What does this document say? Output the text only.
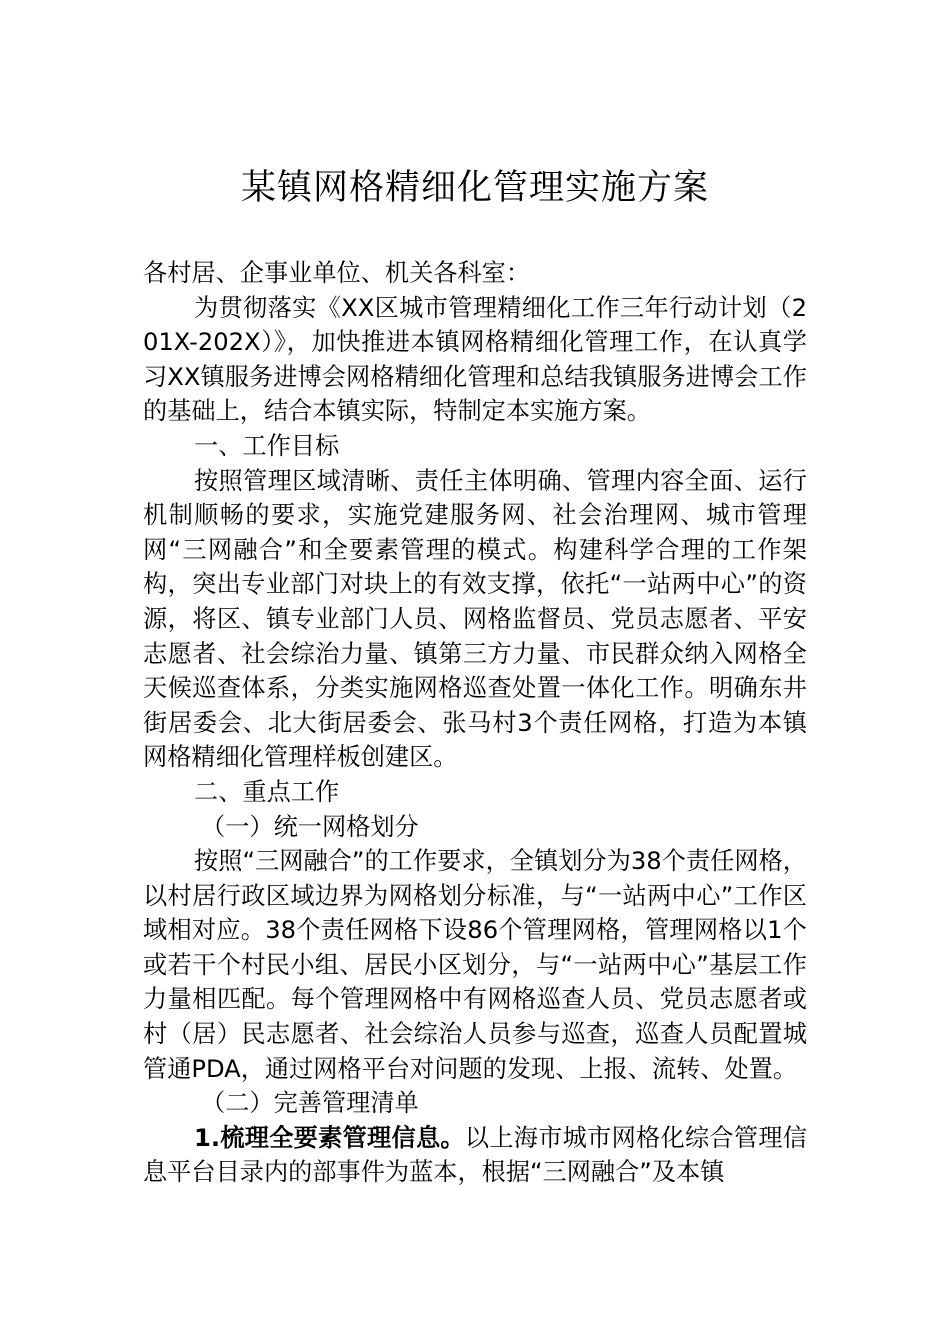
某镇网格精细化管理实施方案

各村居、企事业单位、机关各科室：

为贯彻落实《XX区城市管理精细化工作三年行动计划（201X-202X）》，加快推进本镇网格精细化管理工作，在认真学习XX镇服务进博会网格精细化管理和总结我镇服务进博会工作的基础上，结合本镇实际，特制定本实施方案。

一、工作目标

按照管理区域清晰、责任主体明确、管理内容全面、运行机制顺畅的要求，实施党建服务网、社会治理网、城市管理网“三网融合”和全要素管理的模式。构建科学合理的工作架构，突出专业部门对块上的有效支撑，依托“一站两中心”的资源，将区、镇专业部门人员、网格监督员、党员志愿者、平安志愿者、社会综治力量、镇第三方力量、市民群众纳入网格全天候巡查体系，分类实施网格巡查处置一体化工作。明确东井街居委会、北大街居委会、张马村3个责任网格，打造为本镇网格精细化管理样板创建区。

二、重点工作

（一）统一网格划分

按照“三网融合”的工作要求，全镇划分为38个责任网格，以村居行政区域边界为网格划分标准，与“一站两中心”工作区域相对应。38个责任网格下设86个管理网格，管理网格以1个或若干个村民小组、居民小区划分，与“一站两中心”基层工作力量相匹配。每个管理网格中有网格巡查人员、党员志愿者或村（居）民志愿者、社会综治人员参与巡查，巡查人员配置城管通PDA，通过网格平台对问题的发现、上报、流转、处置。

（二）完善管理清单

1.梳理全要素管理信息。以上海市城市网格化综合管理信息平台目录内的部事件为蓝本，根据“三网融合”及本镇
